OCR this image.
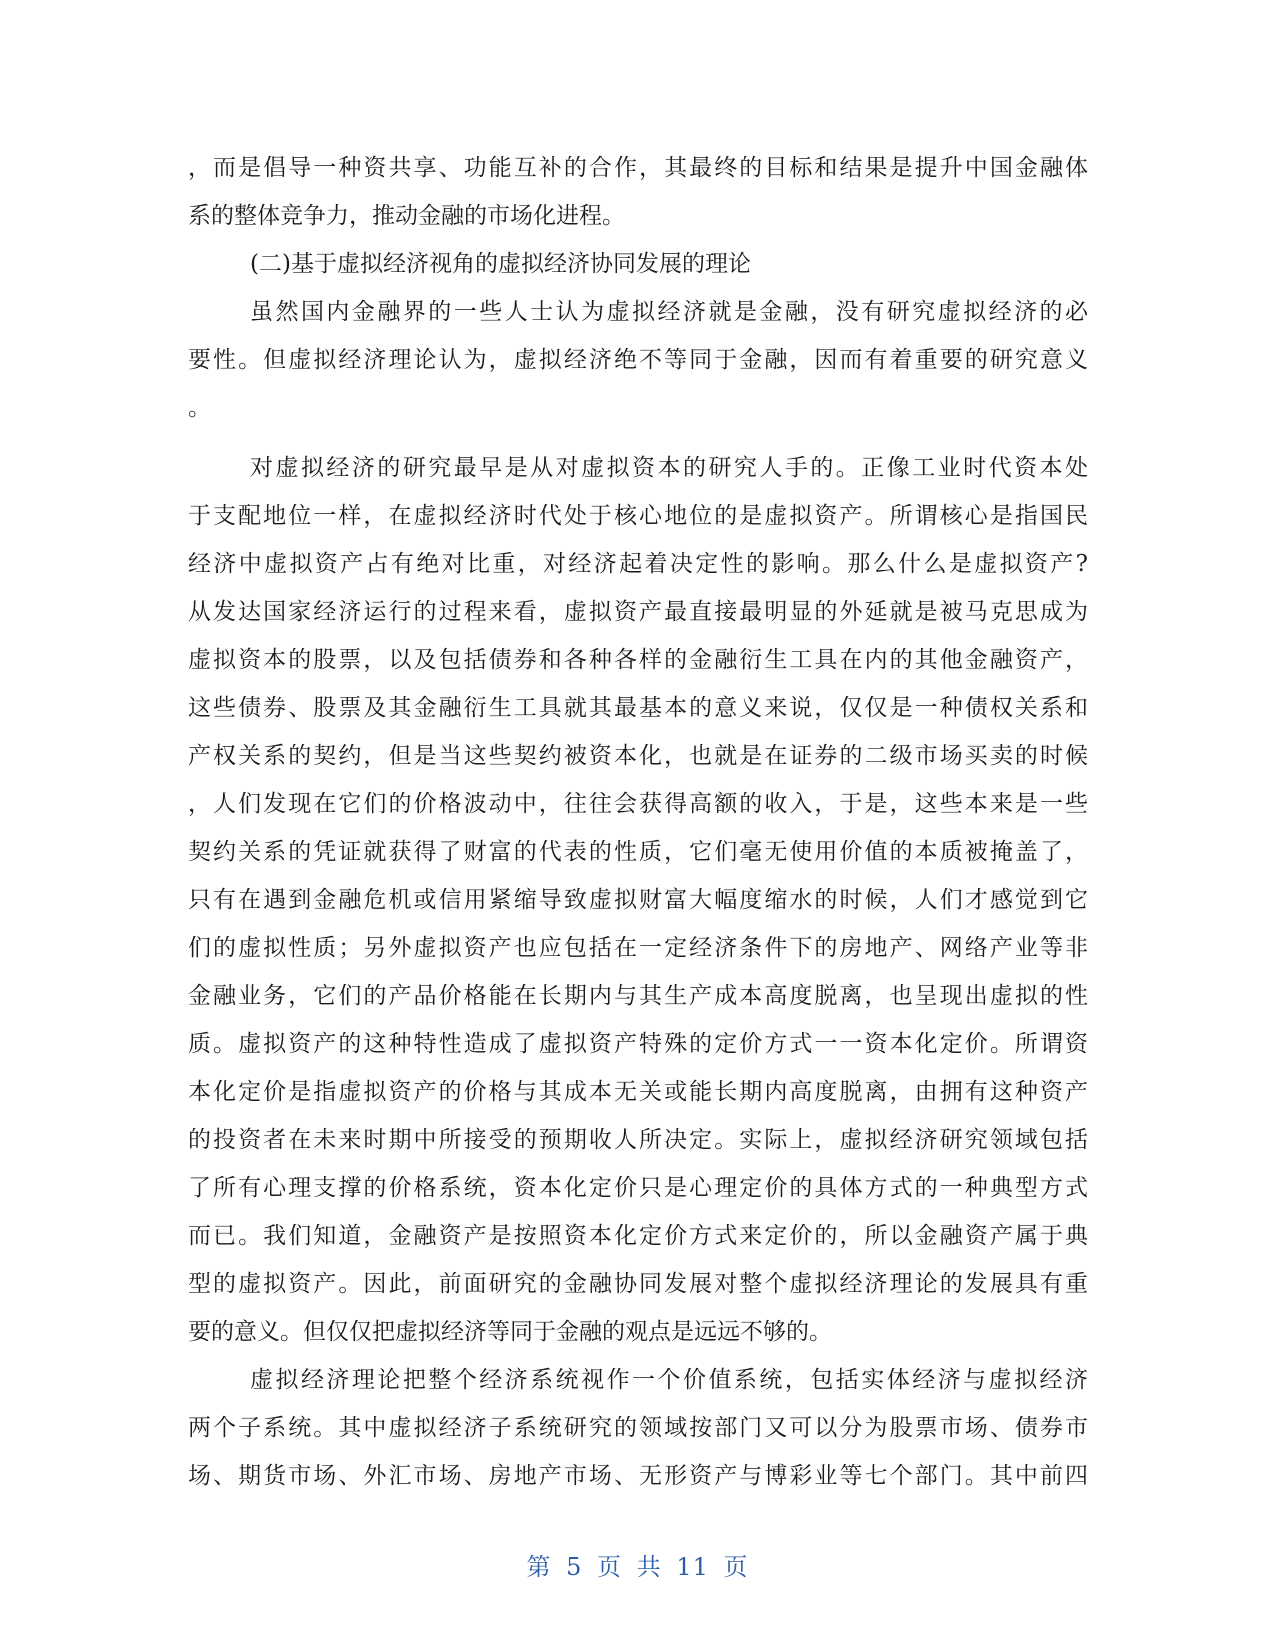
，而是倡导一种资共享、功能互补的合作，其最终的目标和结果是提升中国金融体
系的整体竞争力，推动金融的市场化进程。
(二)基于虚拟经济视角的虚拟经济协同发展的理论
虽然国内金融界的一些人士认为虚拟经济就是金融，没有研究虚拟经济的必
要性。但虚拟经济理论认为，虚拟经济绝不等同于金融，因而有着重要的研究意义
。
对虚拟经济的研究最早是从对虚拟资本的研究人手的。正像工业时代资本处
于支配地位一样，在虚拟经济时代处于核心地位的是虚拟资产。所谓核心是指国民
经济中虚拟资产占有绝对比重，对经济起着决定性的影响。那么什么是虚拟资产?
从发达国家经济运行的过程来看，虚拟资产最直接最明显的外延就是被马克思成为
虚拟资本的股票，以及包括债券和各种各样的金融衍生工具在内的其他金融资产，
这些债券、股票及其金融衍生工具就其最基本的意义来说，仅仅是一种债权关系和
产权关系的契约，但是当这些契约被资本化，也就是在证券的二级市场买卖的时候
，人们发现在它们的价格波动中，往往会获得高额的收入，于是，这些本来是一些
契约关系的凭证就获得了财富的代表的性质，它们毫无使用价值的本质被掩盖了，
只有在遇到金融危机或信用紧缩导致虚拟财富大幅度缩水的时候，人们才感觉到它
们的虚拟性质；另外虚拟资产也应包括在一定经济条件下的房地产、网络产业等非
金融业务，它们的产品价格能在长期内与其生产成本高度脱离，也呈现出虚拟的性
质。虚拟资产的这种特性造成了虚拟资产特殊的定价方式一一资本化定价。所谓资
本化定价是指虚拟资产的价格与其成本无关或能长期内高度脱离，由拥有这种资产
的投资者在未来时期中所接受的预期收人所决定。实际上，虚拟经济研究领域包括
了所有心理支撑的价格系统，资本化定价只是心理定价的具体方式的一种典型方式
而已。我们知道，金融资产是按照资本化定价方式来定价的，所以金融资产属于典
型的虚拟资产。因此，前面研究的金融协同发展对整个虚拟经济理论的发展具有重
要的意义。但仅仅把虚拟经济等同于金融的观点是远远不够的。
虚拟经济理论把整个经济系统视作一个价值系统，包括实体经济与虚拟经济
两个子系统。其中虚拟经济子系统研究的领域按部门又可以分为股票市场、债券市
场、期货市场、外汇市场、房地产市场、无形资产与博彩业等七个部门。其中前四
第 5 页 共 11 页
